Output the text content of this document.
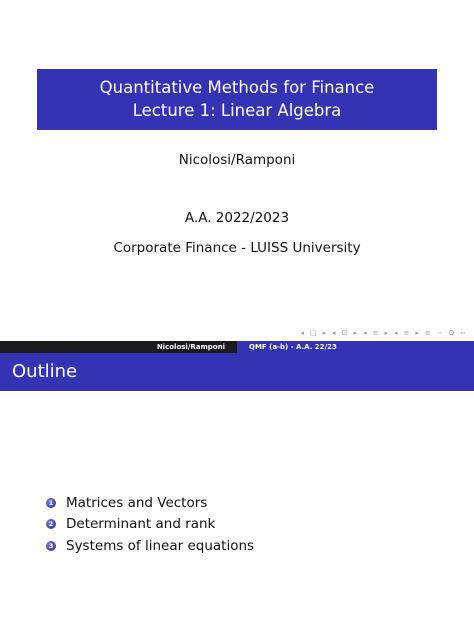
Quantitative Methods for Finance
Lecture 1: Linear Algebra
Nicolosi/Ramponi
A.A. 2022/2023
Corporate Finance - LUISS University
◂ □ ▸ ◂ ⊡ ▸ ◂ ≡ ▸ ◂ ≡ ▸ ≡ ∽ Q ∾
Nicolosi/Ramponi	QMF (a-b) - A.A. 22/23
Outline
1 Matrices and Vectors
2 Determinant and rank
3 Systems of linear equations
